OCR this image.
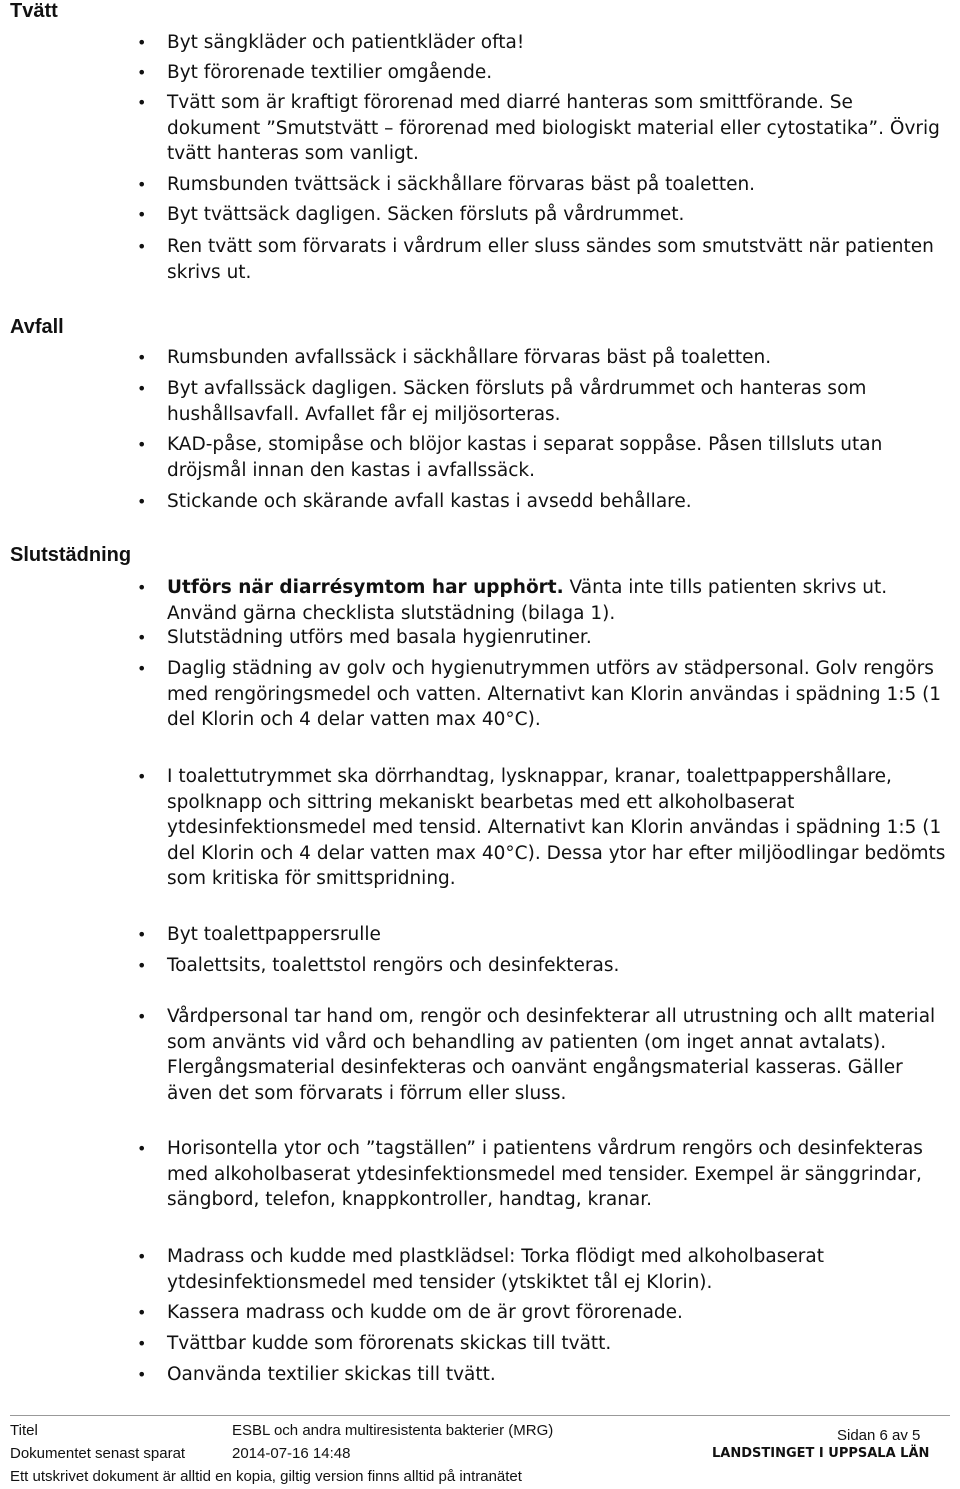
Tvätt
• Byt sängkläder och patientkläder ofta!
• Byt förorenade textilier omgående.
• Tvätt som är kraftigt förorenad med diarré hanteras som smittförande. Se dokument ”Smutstvätt – förorenad med biologiskt material eller cytostatika”. Övrig tvätt hanteras som vanligt.
• Rumsbunden tvättsäck i säckhållare förvaras bäst på toaletten.
• Byt tvättsäck dagligen. Säcken försluts på vårdrummet.
• Ren tvätt som förvarats i vårdrum eller sluss sändes som smutstvätt när patienten skrivs ut.
Avfall
• Rumsbunden avfallssäck i säckhållare förvaras bäst på toaletten.
• Byt avfallssäck dagligen. Säcken försluts på vårdrummet och hanteras som hushållsavfall. Avfallet får ej miljösorteras.
• KAD-påse, stomipåse och blöjor kastas i separat soppåse. Påsen tillsluts utan dröjsmål innan den kastas i avfallssäck.
• Stickande och skärande avfall kastas i avsedd behållare.
Slutstädning
• Utförs när diarrésymtom har upphört. Vänta inte tills patienten skrivs ut. Använd gärna checklista slutstädning (bilaga 1).
• Slutstädning utförs med basala hygienrutiner.
• Daglig städning av golv och hygienutrymmen utförs av städpersonal. Golv rengörs med rengöringsmedel och vatten. Alternativt kan Klorin användas i spädning 1:5 (1 del Klorin och 4 delar vatten max 40°C).
• I toalettutrymmet ska dörrhandtag, lysknappar, kranar, toalettpappershållare, spolknapp och sittring mekaniskt bearbetas med ett alkoholbaserat ytdesinfektionsmedel med tensid. Alternativt kan Klorin användas i spädning 1:5 (1 del Klorin och 4 delar vatten max 40°C). Dessa ytor har efter miljöodlingar bedömts som kritiska för smittspridning.
• Byt toalettpappersrulle
• Toalettsits, toalettstol rengörs och desinfekteras.
• Vårdpersonal tar hand om, rengör och desinfekterar all utrustning och allt material som använts vid vård och behandling av patienten (om inget annat avtalats). Flergångsmaterial desinfekteras och oanvänt engångsmaterial kasseras. Gäller även det som förvarats i förrum eller sluss.
• Horisontella ytor och ”tagställen” i patientens vårdrum rengörs och desinfekteras med alkoholbaserat ytdesinfektionsmedel med tensider. Exempel är sänggrindar, sängbord, telefon, knappkontroller, handtag, kranar.
• Madrass och kudde med plastklädsel: Torka flödigt med alkoholbaserat ytdesinfektionsmedel med tensider (ytskiktet tål ej Klorin).
• Kassera madrass och kudde om de är grovt förorenade.
• Tvättbar kudde som förorenats skickas till tvätt.
• Oanvända textilier skickas till tvätt.
Titel	ESBL och andra multiresistenta bakterier (MRG)	Sidan 6 av 5
Dokumentet senast sparat	2014-07-16 14:48	LANDSTINGET I UPPSALA LÄN
Ett utskrivet dokument är alltid en kopia, giltig version finns alltid på intranätet
